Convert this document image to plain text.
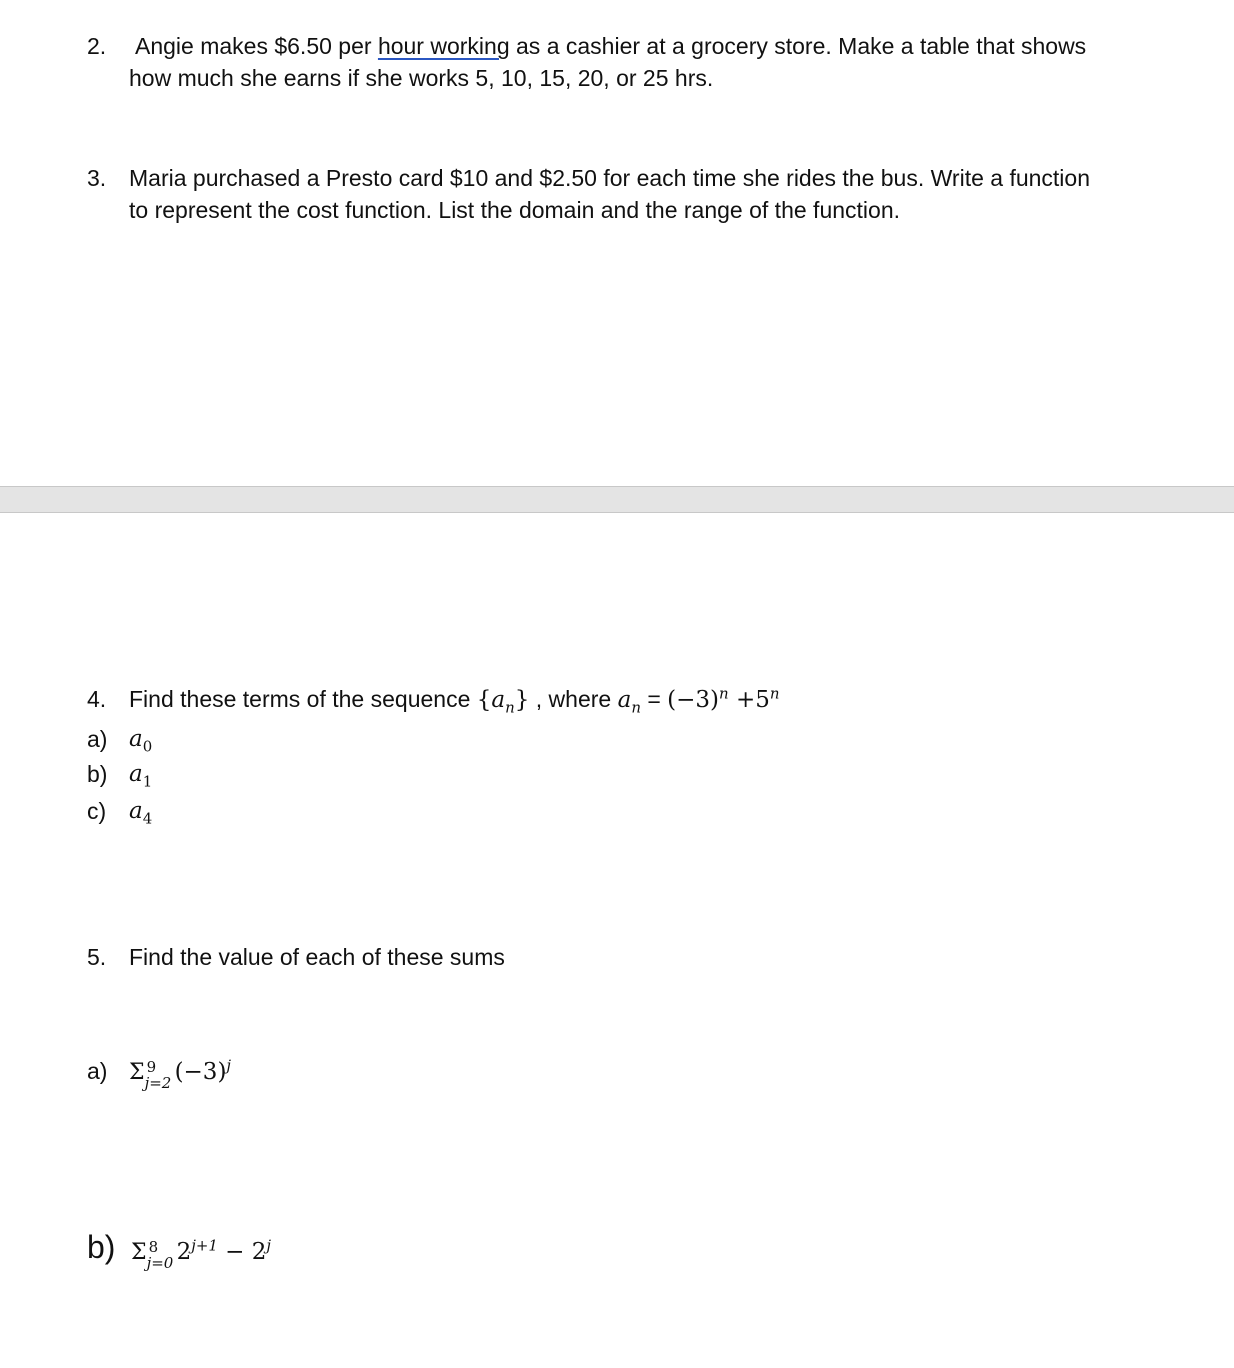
2. Angie makes $6.50 per hour working as a cashier at a grocery store. Make a table that shows
how much she earns if she works 5, 10, 15, 20, or 25 hrs.
3. Maria purchased a Presto card $10 and $2.50 for each time she rides the bus. Write a function
to represent the cost function. List the domain and the range of the function.
4. Find these terms of the sequence $\{a_n\}$ , where $a_n = (-3)^n +5^n$
a) $a_0$
b) $a_1$
c) $a_4$
5. Find the value of each of these sums
a) Σ 9
j=2 $(-3)^j$
b) Σ 8
j=0 $2^{j+1} - 2^j$
